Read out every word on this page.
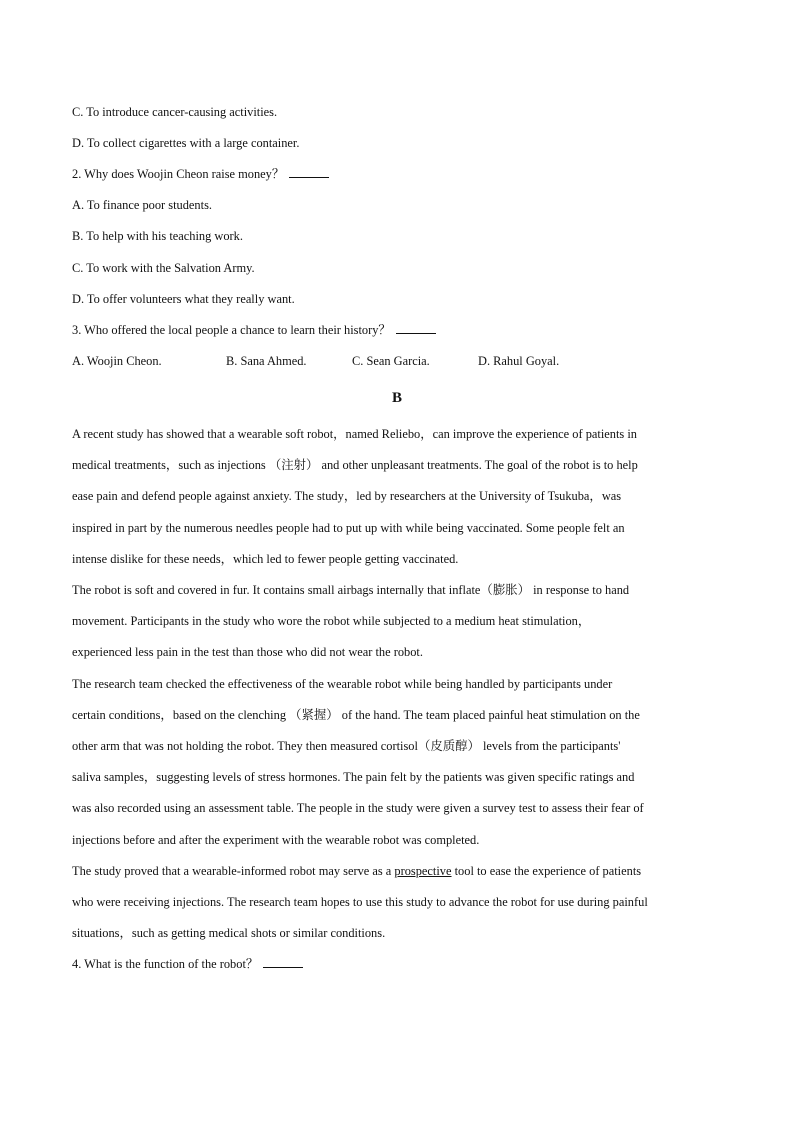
C. To introduce cancer-causing activities.
D. To collect cigarettes with a large container.
2. Why does Woojin Cheon raise money？
A. To finance poor students.
B. To help with his teaching work.
C. To work with the Salvation Army.
D. To offer volunteers what they really want.
3. Who offered the local people a chance to learn their history？
A. Woojin Cheon.	B. Sana Ahmed.	C. Sean Garcia.	D. Rahul Goyal.
B
A recent study has showed that a wearable soft robot，named Reliebo，can improve the experience of patients in
medical treatments，such as injections （注射） and other unpleasant treatments. The goal of the robot is to help
ease pain and defend people against anxiety. The study，led by researchers at the University of Tsukuba，was
inspired in part by the numerous needles people had to put up with while being vaccinated. Some people felt an
intense dislike for these needs，which led to fewer people getting vaccinated.
The robot is soft and covered in fur. It contains small airbags internally that inflate（膨胀） in response to hand
movement. Participants in the study who wore the robot while subjected to a medium heat stimulation，
experienced less pain in the test than those who did not wear the robot.
The research team checked the effectiveness of the wearable robot while being handled by participants under
certain conditions，based on the clenching （紧握） of the hand. The team placed painful heat stimulation on the
other arm that was not holding the robot. They then measured cortisol（皮质醇） levels from the participants'
saliva samples，suggesting levels of stress hormones. The pain felt by the patients was given specific ratings and
was also recorded using an assessment table. The people in the study were given a survey test to assess their fear of
injections before and after the experiment with the wearable robot was completed.
The study proved that a wearable-informed robot may serve as a prospective tool to ease the experience of patients
who were receiving injections. The research team hopes to use this study to advance the robot for use during painful
situations，such as getting medical shots or similar conditions.
4. What is the function of the robot？
